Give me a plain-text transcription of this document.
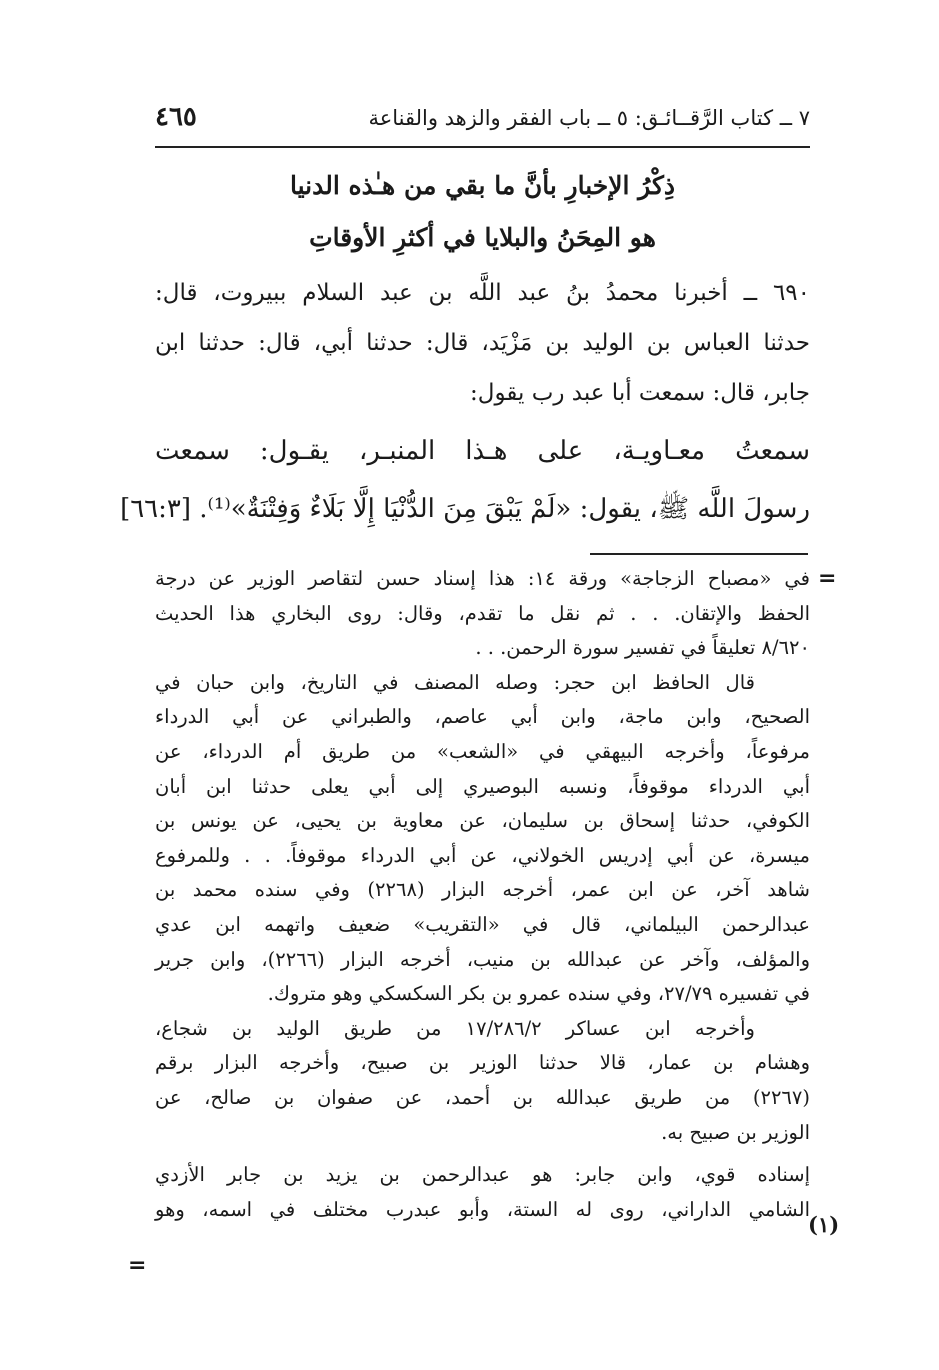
٧ ــ كتاب الرَّقــائـق: ٥ ــ باب الفقر والزهد والقناعة
٤٦٥
ذِكْرُ الإخبارِ بأنَّ ما بقي من هـٰذه الدنيا
هو المِحَنُ والبلايا في أكثرِ الأوقاتِ
٦٩٠ ــ أخبرنا محمدُ بنُ عبد اللَّه بن عبد السلام ببيروت، قال:
حدثنا العباس بن الوليد بن مَزْيَد، قال: حدثنا أبي، قال: حدثنا ابن
جابر، قال: سمعت أبا عبد رب يقول:
سمعتُ معـاويـة، على هـذا المنبـر، يقـول: سمعت
رسولَ اللَّه ﷺ، يقول: «لَمْ يَبْقَ مِنَ الدُّنْيَا إِلَّا بَلَاءٌ وَفِتْنَةٌ»⁽¹⁾. [٦٦:٣]
=
في «مصباح الزجاجة» ورقة ١٤: هذا إسناد حسن لتقاصر الوزير عن درجة
الحفظ والإتقان. . . ثم نقل ما تقدم، وقال: روى البخاري هذا الحديث
٨/٦٢٠ تعليقاً في تفسير سورة الرحمن. . .
قال الحافظ ابن حجر: وصله المصنف في التاريخ، وابن حبان في
الصحيح، وابن ماجة، وابن أبي عاصم، والطبراني عن أبي الدرداء
مرفوعاً، وأخرجه البيهقي في «الشعب» من طريق أم الدرداء، عن
أبي الدرداء موقوفاً، ونسبه البوصيري إلى أبي يعلى حدثنا ابن أبان
الكوفي، حدثنا إسحاق بن سليمان، عن معاوية بن يحيى، عن يونس بن
ميسرة، عن أبي إدريس الخولاني، عن أبي الدرداء موقوفاً. . . وللمرفوع
شاهد آخر، عن ابن عمر، أخرجه البزار (٢٢٦٨) وفي سنده محمد بن
عبدالرحمن البيلماني، قال في «التقريب» ضعيف واتهمه ابن عدي
والمؤلف، وآخر عن عبدالله بن منيب، أخرجه البزار (٢٢٦٦)، وابن جرير
في تفسيره ٢٧/٧٩، وفي سنده عمرو بن بكر السكسكي وهو متروك.
وأخرجه ابن عساكر ١٧/٢٨٦/٢ من طريق الوليد بن شجاع،
وهشام بن عمار، قالا حدثنا الوزير بن صبيح، وأخرجه البزار برقم
(٢٢٦٧) من طريق عبدالله بن أحمد، عن صفوان بن صالح، عن
الوزير بن صبيح به.
إسناده قوي، وابن جابر: هو عبدالرحمن بن يزيد بن جابر الأزدي
الشامي الداراني، روى له الستة، وأبو عبدرب مختلف في اسمه، وهو
(١)
=
